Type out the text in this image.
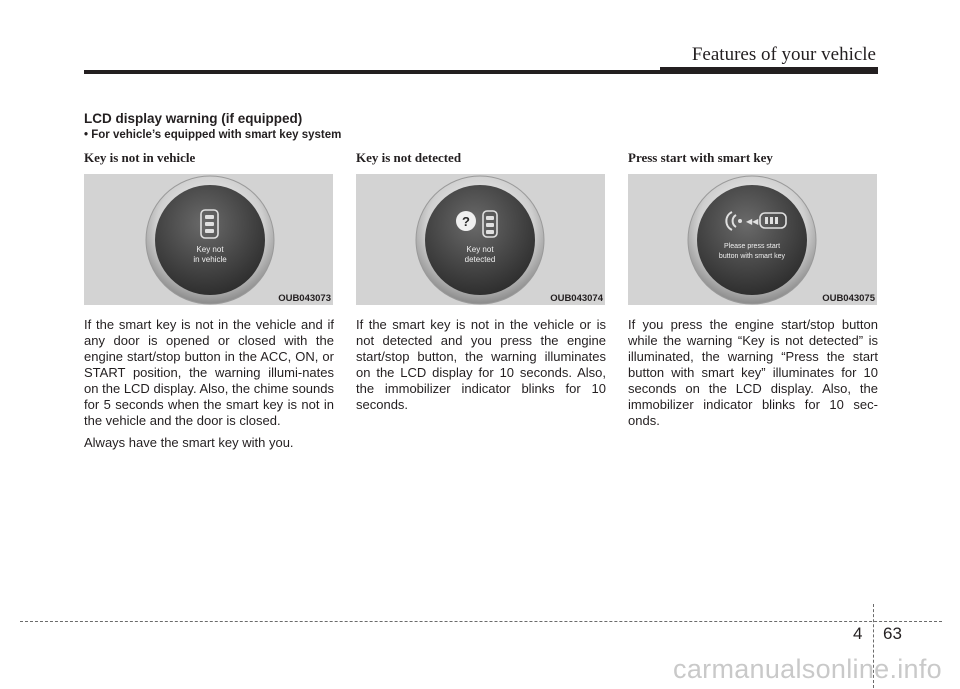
Features of your vehicle
LCD display warning (if equipped)
• For vehicle’s equipped with smart key system
Key is not in vehicle
Key not
in vehicle
OUB043073

If the smart key is not in the vehicle and if any door is opened or closed with the engine start/stop button in the ACC, ON, or START position, the warning illumi-nates on the LCD display. Also, the chime sounds for 5 seconds when the smart key is not in the vehicle and the door is closed.

Always have the smart key with you.

Key is not detected
?
Key not
detected
OUB043074

If the smart key is not in the vehicle or is not detected and you press the engine start/stop button, the warning illuminates on the LCD display for 10 seconds. Also, the immobilizer indicator blinks for 10 seconds.

Press start with smart key
◀◀
Please press start
button with smart key
OUB043075

If you press the engine start/stop button while the warning “Key is not detected” is illuminated, the warning “Press the start button with smart key” illuminates for 10 seconds on the LCD display. Also, the immobilizer indicator blinks for 10 sec-onds.

4 63
carmanualsonline.info
